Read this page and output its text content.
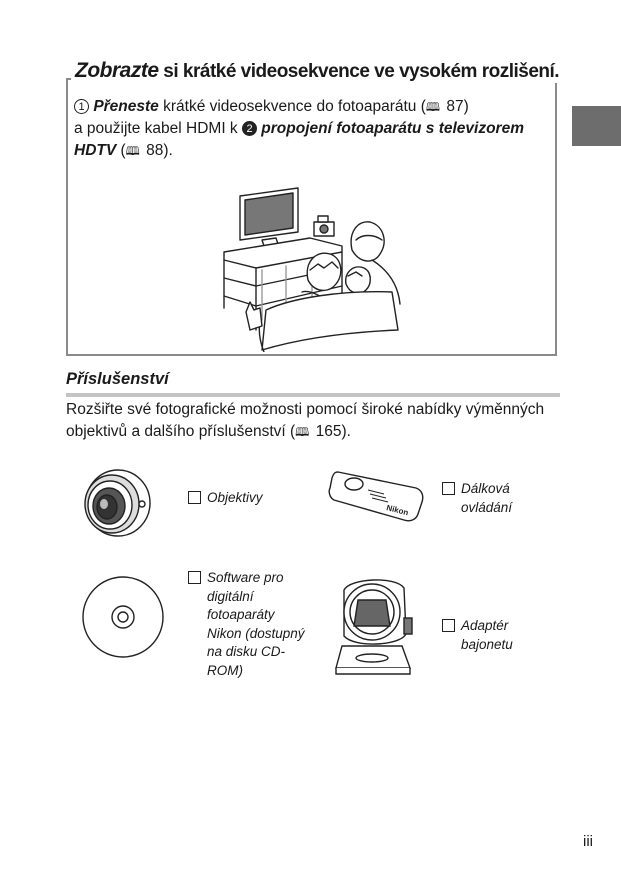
Zobrazte si krátké videosekvence ve vysokém rozlišení.
1 Přeneste krátké videosekvence do fotoaparátu (🕮 87)
a použijte kabel HDMI k 2 propojení fotoaparátu s televizorem HDTV (🕮 88).
Příslušenství
Rozšiřte své fotografické možnosti pomocí široké nabídky výměnných objektivů a dalšího příslušenství (🕮 165).
Objektivy
Nikon
Dálková ovládání
Software pro digitální fotoaparáty Nikon (dostupný na disku CD-ROM)
Adaptér bajonetu
iii
